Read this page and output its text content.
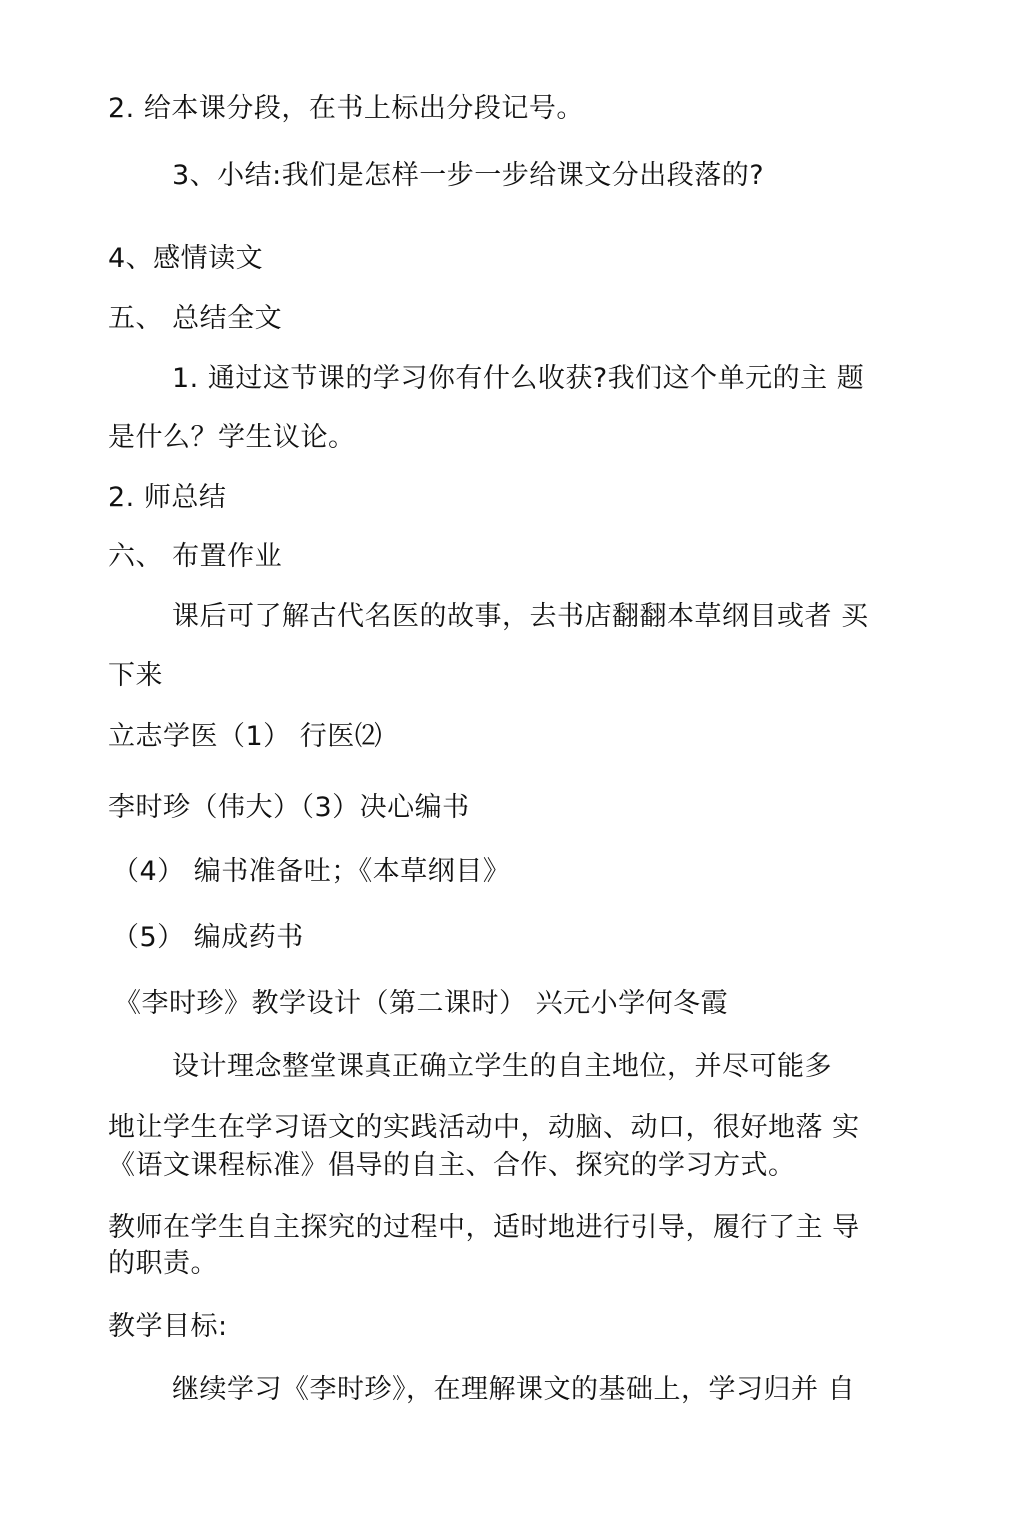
2. 给本课分段，在书上标出分段记号。
3、小结:我们是怎样一步一步给课文分出段落的?
4、感情读文
五、 总结全文
1. 通过这节课的学习你有什么收获?我们这个单元的主 题
是什么？学生议论。
2. 师总结
六、 布置作业
课后可了解古代名医的故事，去书店翻翻本草纲目或者 买
下来
立志学医（1） 行医⑵
李时珍（伟大）（3）决心编书
（4） 编书准备吐；《本草纲目》
（5） 编成药书
《李时珍》教学设计（第二课时） 兴元小学何冬霞
设计理念整堂课真正确立学生的自主地位，并尽可能多
地让学生在学习语文的实践活动中，动脑、动口，很好地落 实
《语文课程标准》倡导的自主、合作、探究的学习方式。
教师在学生自主探究的过程中，适时地进行引导，履行了主 导
的职责。
教学目标:
继续学习《李时珍》，在理解课文的基础上，学习归并 自
